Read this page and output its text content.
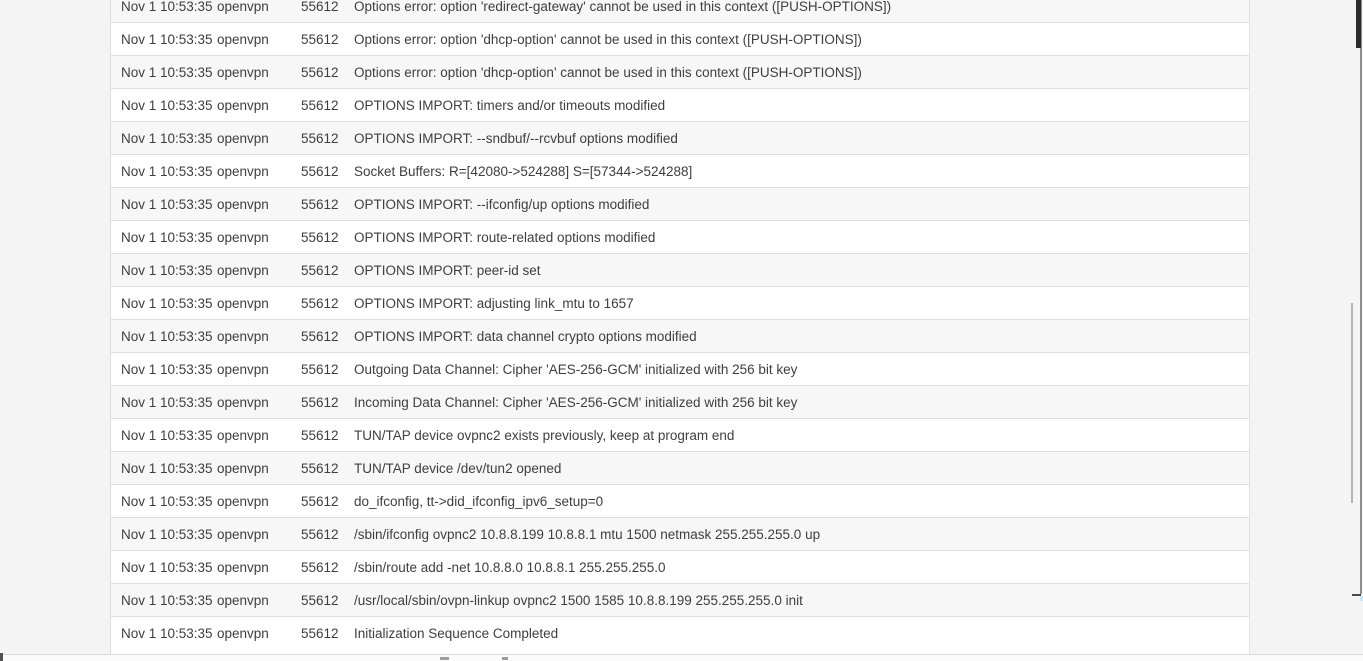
Nov 1 10:53:35 openvpn	55612	Options error: option 'redirect-gateway' cannot be used in this context ([PUSH-OPTIONS])
Nov 1 10:53:35 openvpn	55612	Options error: option 'dhcp-option' cannot be used in this context ([PUSH-OPTIONS])
Nov 1 10:53:35 openvpn	55612	Options error: option 'dhcp-option' cannot be used in this context ([PUSH-OPTIONS])
Nov 1 10:53:35 openvpn	55612	OPTIONS IMPORT: timers and/or timeouts modified
Nov 1 10:53:35 openvpn	55612	OPTIONS IMPORT: --sndbuf/--rcvbuf options modified
Nov 1 10:53:35 openvpn	55612	Socket Buffers: R=[42080->524288] S=[57344->524288]
Nov 1 10:53:35 openvpn	55612	OPTIONS IMPORT: --ifconfig/up options modified
Nov 1 10:53:35 openvpn	55612	OPTIONS IMPORT: route-related options modified
Nov 1 10:53:35 openvpn	55612	OPTIONS IMPORT: peer-id set
Nov 1 10:53:35 openvpn	55612	OPTIONS IMPORT: adjusting link_mtu to 1657
Nov 1 10:53:35 openvpn	55612	OPTIONS IMPORT: data channel crypto options modified
Nov 1 10:53:35 openvpn	55612	Outgoing Data Channel: Cipher 'AES-256-GCM' initialized with 256 bit key
Nov 1 10:53:35 openvpn	55612	Incoming Data Channel: Cipher 'AES-256-GCM' initialized with 256 bit key
Nov 1 10:53:35 openvpn	55612	TUN/TAP device ovpnc2 exists previously, keep at program end
Nov 1 10:53:35 openvpn	55612	TUN/TAP device /dev/tun2 opened
Nov 1 10:53:35 openvpn	55612	do_ifconfig, tt->did_ifconfig_ipv6_setup=0
Nov 1 10:53:35 openvpn	55612	/sbin/ifconfig ovpnc2 10.8.8.199 10.8.8.1 mtu 1500 netmask 255.255.255.0 up
Nov 1 10:53:35 openvpn	55612	/sbin/route add -net 10.8.8.0 10.8.8.1 255.255.255.0
Nov 1 10:53:35 openvpn	55612	/usr/local/sbin/ovpn-linkup ovpnc2 1500 1585 10.8.8.199 255.255.255.0 init
Nov 1 10:53:35 openvpn	55612	Initialization Sequence Completed
